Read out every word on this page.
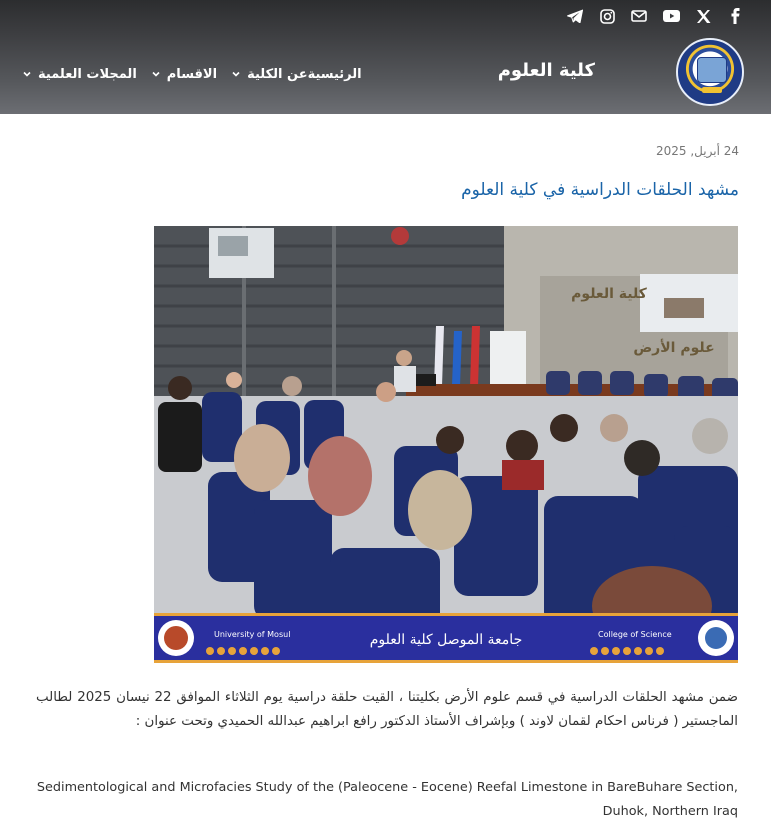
كلية العلوم
الرئيسية
عن الكلية
الاقسام
المجلات العلمية
24 أبريل, 2025
مشهد الحلقات الدراسية في كلية العلوم
كلية العلوم
علوم الأرض
University of Mosul	College of Science
جامعة الموصل كلية العلوم
ضمن مشهد الحلقات الدراسية في قسم علوم الأرض بكليتنا ، القيت حلقة دراسية يوم الثلاثاء الموافق 22 نيسان 2025 لطالب الماجستير ( فرناس احكام لقمان لاوند ) وبإشراف الأستاذ الدكتور رافع ابراهيم عبدالله الحميدي وتحت عنوان :
Sedimentological and Microfacies Study of the (Paleocene - Eocene) Reefal Limestone in BareBuhare Section, Duhok, Northern Iraq
